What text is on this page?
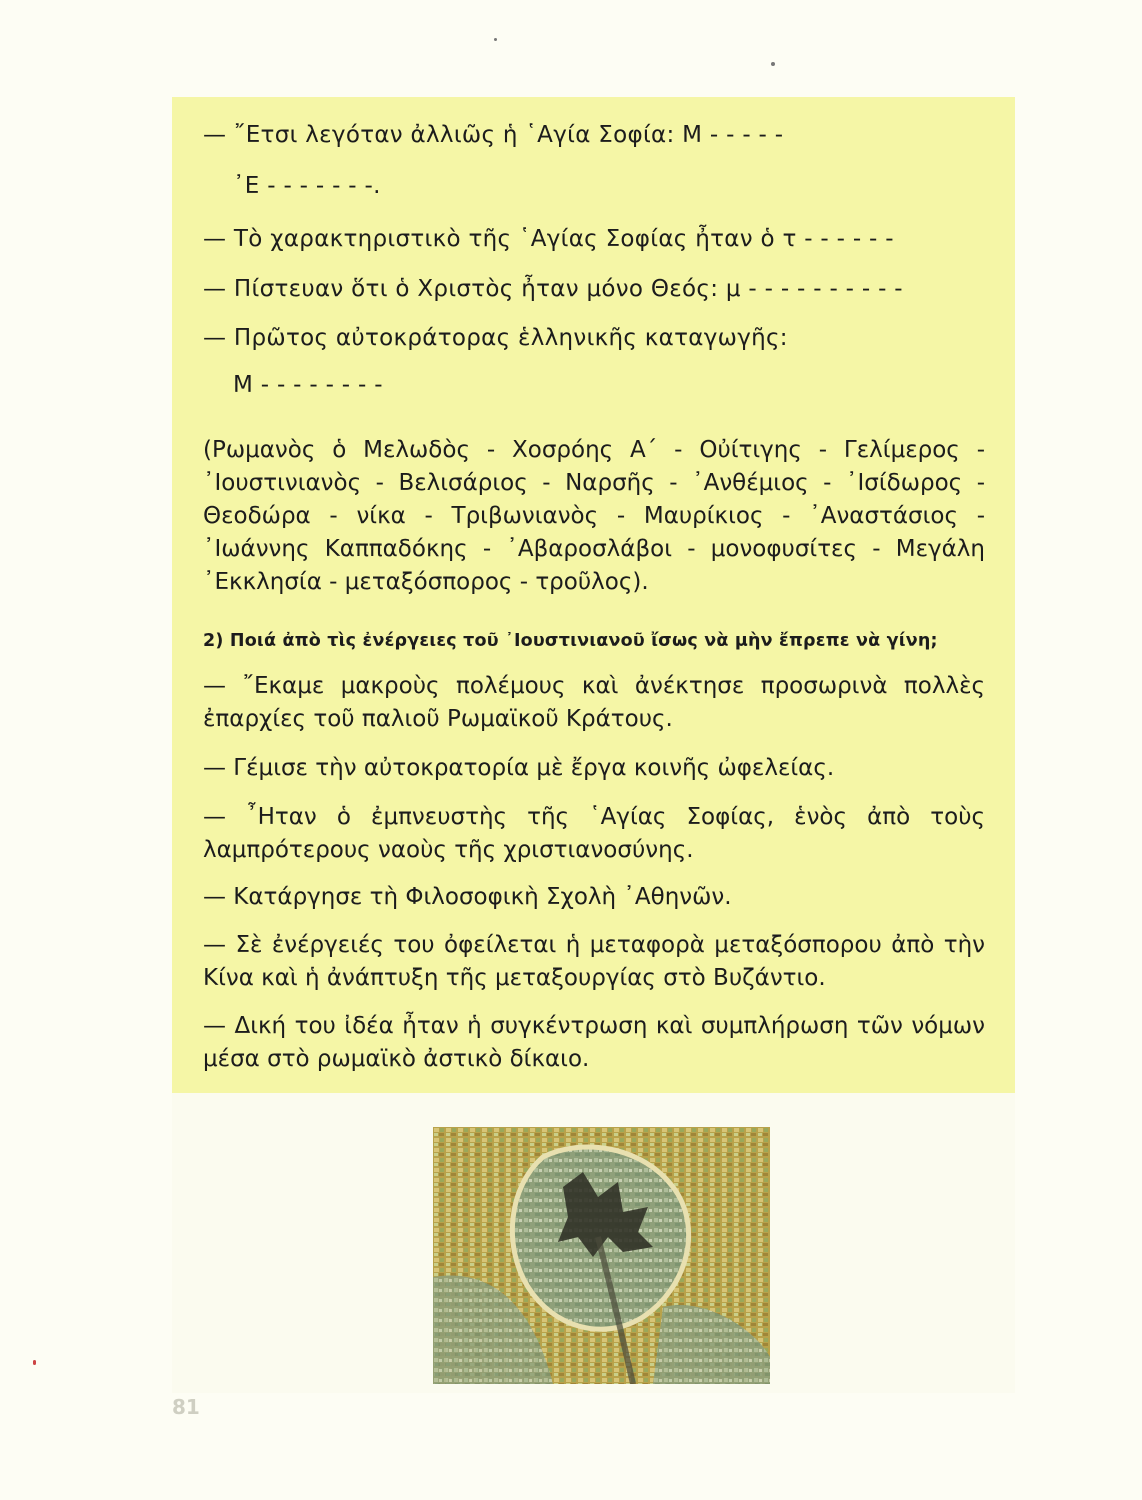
— ῎Ετσι λεγόταν ἀλλιῶς ἡ ῾Αγία Σοφία: Μ - - - - -
᾿Ε - - - - - - -.
— Τὸ χαρακτηριστικὸ τῆς ῾Αγίας Σοφίας ἦταν ὁ τ - - - - - -
— Πίστευαν ὅτι ὁ Χριστὸς ἦταν μόνο Θεός: μ - - - - - - - - - -
— Πρῶτος αὐτοκράτορας ἑλληνικῆς καταγωγῆς:
Μ - - - - - - - -
(Ρωμανὸς ὁ Μελωδὸς - Χοσρόης Α΄ - Οὐίτιγης - Γελίμερος - ᾿Ιουστινιανὸς - Βελισάριος - Ναρσῆς - ᾿Ανθέμιος - ᾿Ισίδωρος - Θεοδώρα - νίκα - Τριβωνιανὸς - Μαυρίκιος - ᾿Αναστάσιος - ᾿Ιωάννης Καππαδόκης - ᾿Αβαροσλάβοι - μονοφυσίτες - Μεγάλη ᾿Εκκλησία - μεταξόσπορος - τροῦλος).
2) Ποιά ἀπὸ τὶς ἐνέργειες τοῦ ᾿Ιουστινιανοῦ ἴσως νὰ μὴν ἔπρεπε νὰ γίνη;
— ῎Εκαμε μακροὺς πολέμους καὶ ἀνέκτησε προσωρινὰ πολλὲς ἐπαρχίες τοῦ παλιοῦ Ρωμαϊκοῦ Κράτους.
— Γέμισε τὴν αὐτοκρατορία μὲ ἔργα κοινῆς ὠφελείας.
— ῏Ηταν ὁ ἐμπνευστὴς τῆς ῾Αγίας Σοφίας, ἑνὸς ἀπὸ τοὺς λαμπρότερους ναοὺς τῆς χριστιανοσύνης.
— Κατάργησε τὴ Φιλοσοφικὴ Σχολὴ ᾿Αθηνῶν.
— Σὲ ἐνέργειές του ὀφείλεται ἡ μεταφορὰ μεταξόσπορου ἀπὸ τὴν Κίνα καὶ ἡ ἀνάπτυξη τῆς μεταξουργίας στὸ Βυζάντιο.
— Δική του ἰδέα ἦταν ἡ συγκέντρωση καὶ συμπλήρωση τῶν νόμων μέσα στὸ ρωμαϊκὸ ἀστικὸ δίκαιο.
81
